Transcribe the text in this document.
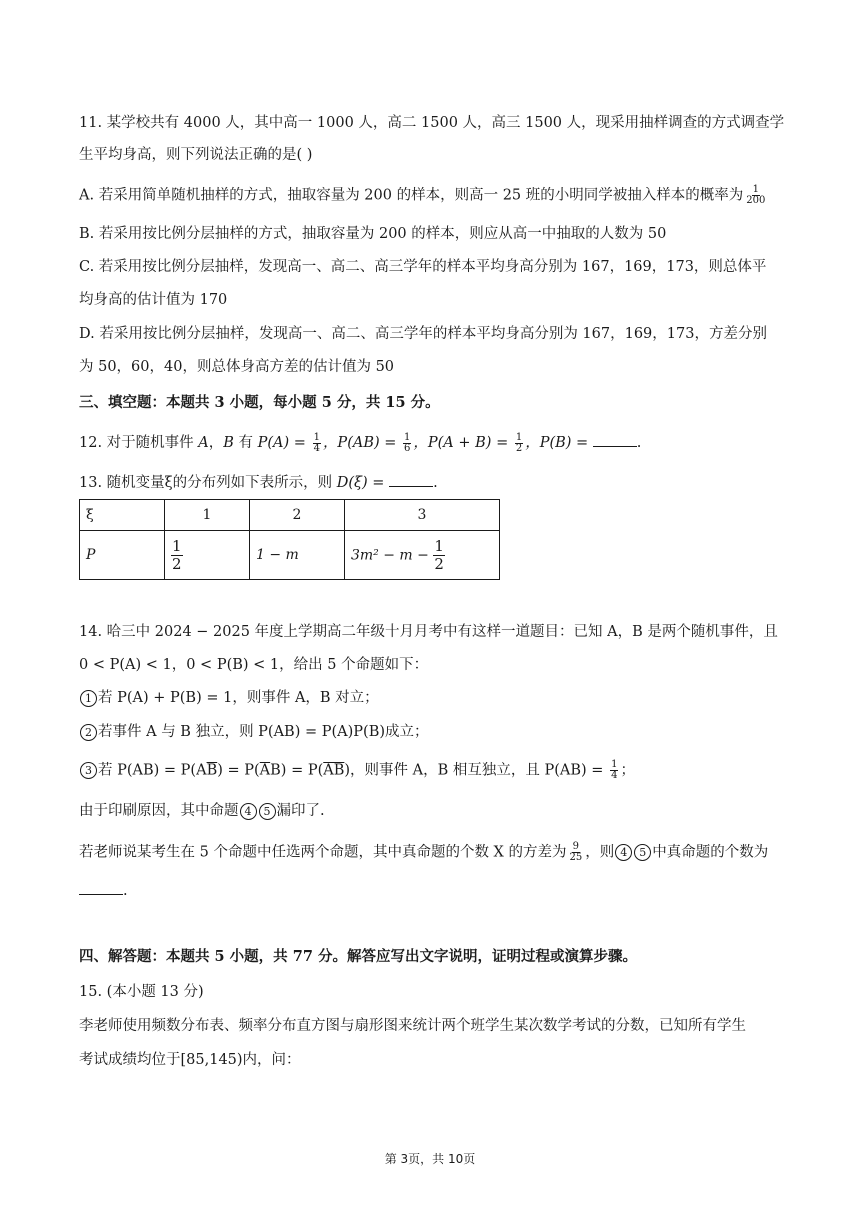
11. 某学校共有 4000 人，其中高一 1000 人，高二 1500 人，高三 1500 人，现采用抽样调查的方式调查学
生平均身高，则下列说法正确的是( )
A. 若采用简单随机抽样的方式，抽取容量为 200 的样本，则高一 25 班的小明同学被抽入样本的概率为 $\frac{1}{200}$
B. 若采用按比例分层抽样的方式，抽取容量为 200 的样本，则应从高一中抽取的人数为 50
C. 若采用按比例分层抽样，发现高一、高二、高三学年的样本平均身高分别为 167，169，173，则总体平
均身高的估计值为 170
D. 若采用按比例分层抽样，发现高一、高二、高三学年的样本平均身高分别为 167，169，173，方差分别
为 50，60，40，则总体身高方差的估计值为 50
三、填空题：本题共 3 小题，每小题 5 分，共 15 分。
12. 对于随机事件 A，B 有 $P(A) = \frac{1}{4}$ ，$P(AB) = \frac{1}{6}$ ，$P(A + B) = \frac{1}{2}$ ，P(B) =	.
13. 随机变量ξ的分布列如下表所示，则 D(ξ) =	.
ξ	1	2	3
P	$\frac{1}{2}$	1 − m	$3m^2 - m - \frac{1}{2}$
14. 哈三中 2024 − 2025 年度上学期高二年级十月月考中有这样一道题目：已知 A，B 是两个随机事件，且
0 < P(A) < 1，0 < P(B) < 1，给出 5 个命题如下：
1 若 P(A) + P(B) = 1，则事件 A，B 对立；
2 若事件 A 与 B 独立，则 P(AB) = P(A)P(B)成立；
3 若 $P(AB) = P(A\overline{B}) = P(\overline{A}B) = P(\overline{AB})$，则事件 A，B 相互独立，且 $P(AB) = \frac{1}{4}$ ；
由于印刷原因，其中命题 4 5 漏印了.
若老师说某考生在 5 个命题中任选两个命题，其中真命题的个数 X 的方差为 $\frac{9}{25}$ ，则 4 5 中真命题的个数为
.
四、解答题：本题共 5 小题，共 77 分。解答应写出文字说明，证明过程或演算步骤。
15. (本小题 13 分)
李老师使用频数分布表、频率分布直方图与扇形图来统计两个班学生某次数学考试的分数，已知所有学生
考试成绩均位于[85,145)内，问：
第 3页，共 10页
